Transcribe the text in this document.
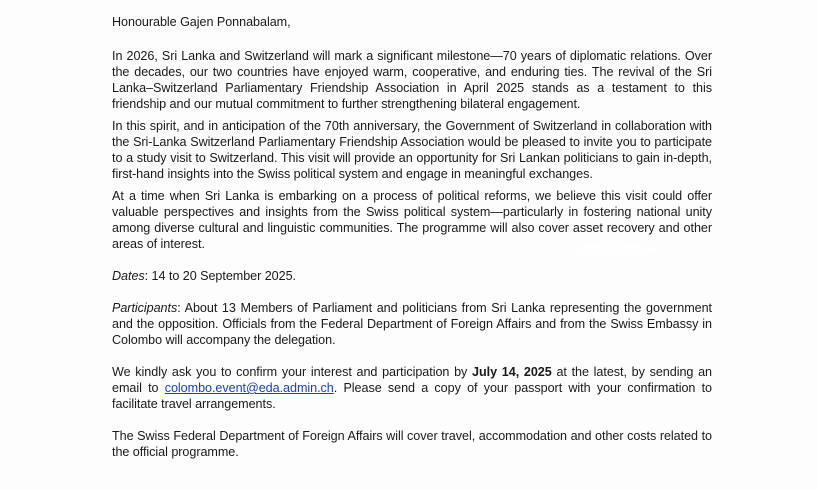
Honourable Gajen Ponnabalam,

In 2026, Sri Lanka and Switzerland will mark a significant milestone—70 years of diplomatic relations. Over the decades, our two countries have enjoyed warm, cooperative, and enduring ties. The revival of the Sri Lanka–Switzerland Parliamentary Friendship Association in April 2025 stands as a testament to this friendship and our mutual commitment to further strengthening bilateral engagement.

In this spirit, and in anticipation of the 70th anniversary, the Government of Switzerland in collaboration with the Sri-Lanka Switzerland Parliamentary Friendship Association would be pleased to invite you to participate to a study visit to Switzerland. This visit will provide an opportunity for Sri Lankan politicians to gain in-depth, first-hand insights into the Swiss political system and engage in meaningful exchanges.

At a time when Sri Lanka is embarking on a process of political reforms, we believe this visit could offer valuable perspectives and insights from the Swiss political system—particularly in fostering national unity among diverse cultural and linguistic communities. The programme will also cover asset recovery and other areas of interest.

Dates: 14 to 20 September 2025.

Participants: About 13 Members of Parliament and politicians from Sri Lanka representing the government and the opposition. Officials from the Federal Department of Foreign Affairs and from the Swiss Embassy in Colombo will accompany the delegation.

We kindly ask you to confirm your interest and participation by July 14, 2025 at the latest, by sending an email to colombo.event@eda.admin.ch. Please send a copy of your passport with your confirmation to facilitate travel arrangements.

The Swiss Federal Department of Foreign Affairs will cover travel, accommodation and other costs related to the official programme.
